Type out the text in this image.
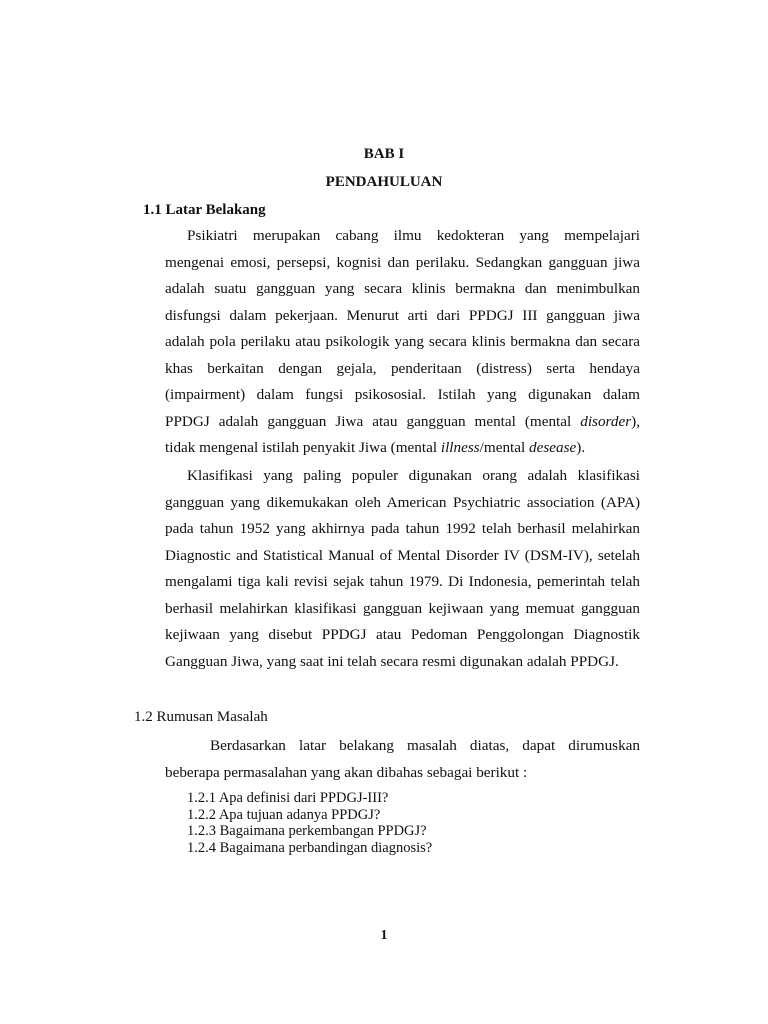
BAB I
PENDAHULUAN
1.1 Latar Belakang
Psikiatri merupakan cabang ilmu kedokteran yang mempelajari
mengenai emosi, persepsi, kognisi dan perilaku. Sedangkan gangguan jiwa
adalah suatu gangguan yang secara klinis bermakna dan menimbulkan
disfungsi dalam pekerjaan. Menurut arti dari PPDGJ III gangguan jiwa
adalah pola perilaku atau psikologik yang secara klinis bermakna dan secara
khas berkaitan dengan gejala, penderitaan (distress) serta hendaya
(impairment) dalam fungsi psikososial. Istilah yang digunakan dalam
PPDGJ adalah gangguan Jiwa atau gangguan mental (mental disorder),
tidak mengenal istilah penyakit Jiwa (mental illness/mental desease).
Klasifikasi yang paling populer digunakan orang adalah klasifikasi
gangguan yang dikemukakan oleh American Psychiatric association (APA)
pada tahun 1952 yang akhirnya pada tahun 1992 telah berhasil melahirkan
Diagnostic and Statistical Manual of Mental Disorder IV (DSM-IV), setelah
mengalami tiga kali revisi sejak tahun 1979. Di Indonesia, pemerintah telah
berhasil melahirkan klasifikasi gangguan kejiwaan yang memuat gangguan
kejiwaan yang disebut PPDGJ atau Pedoman Penggolongan Diagnostik
Gangguan Jiwa, yang saat ini telah secara resmi digunakan adalah PPDGJ.
1.2 Rumusan Masalah
Berdasarkan latar belakang masalah diatas, dapat dirumuskan
beberapa permasalahan yang akan dibahas sebagai berikut :
1.2.1 Apa definisi dari PPDGJ-III?
1.2.2 Apa tujuan adanya PPDGJ?
1.2.3 Bagaimana perkembangan PPDGJ?
1.2.4 Bagaimana perbandingan diagnosis?
1
